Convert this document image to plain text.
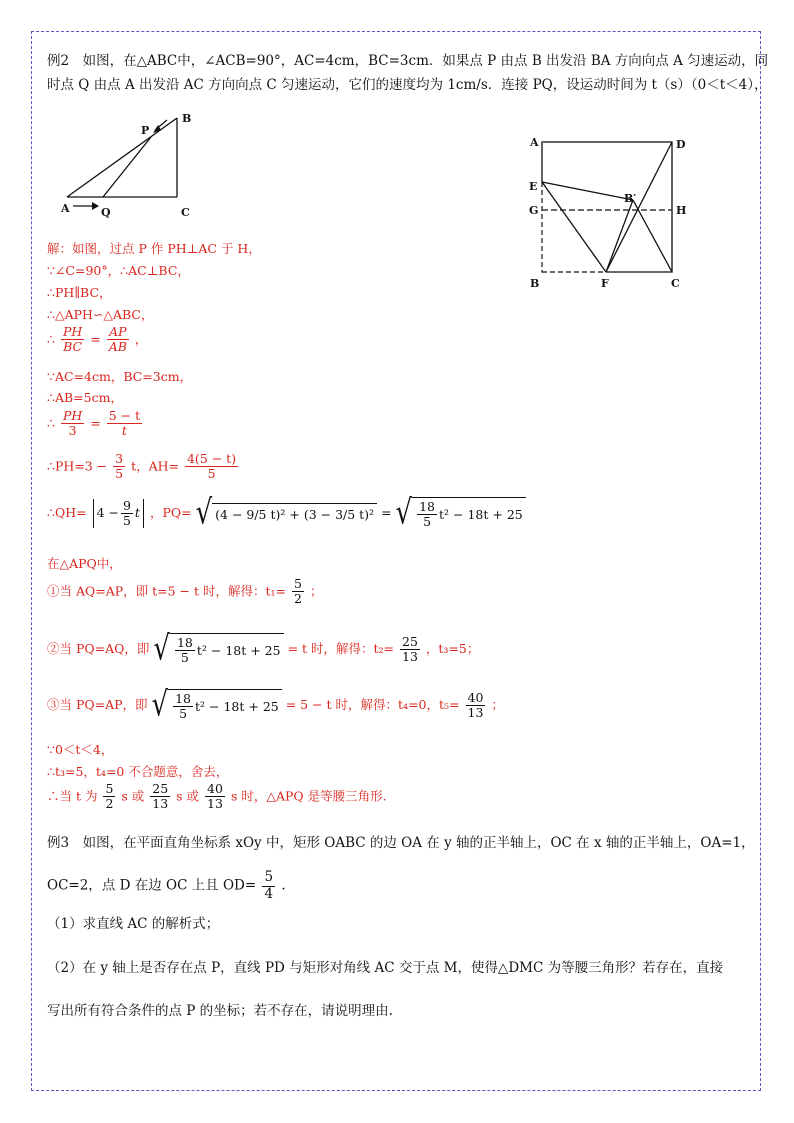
例2　如图，在△ABC中，∠ACB=90°，AC=4cm，BC=3cm．如果点 P 由点 B 出发沿 BA 方向向点 A 匀速运动，同
时点 Q 由点 A 出发沿 AC 方向向点 C 匀速运动，它们的速度均为 1cm/s．连接 PQ，设运动时间为 t（s）（0＜t＜4），
P
B
A	Q	C
A	D
E
B′
G	H
B	F	C
解：如图，过点 P 作 PH⊥AC 于 H，
∵∠C=90°，∴AC⊥BC，
∴PH∥BC，
∴△APH∽△ABC，
∴ $\frac{PH}{BC} = \frac{AP}{AB}$ ，
∵AC=4cm，BC=3cm，
∴AB=5cm，
∴ $\frac{PH}{3} = \frac{5 - t}{t}$
∴PH=3 − $\frac{3}{5}$ t，$AH= \frac{4(5 - t)}{5}$
∴QH= $4 - \frac{9}{5}$ t ，PQ= √ (4 − 9/5 t)² + (3 − 3/5 t)² = √ $\frac{18}{5} t^2 - 18t + 25$
在△APQ中，
①当 AQ=AP，即 t=5 − t 时，解得：$t_1= \frac{5}{2}$ ；
②当 PQ=AQ，即 √ $\frac{18}{5} t^2 - 18t + 25 = t$ 时，解得：$t_2= \frac{25}{13}$ ，t₃=5；
③当 PQ=AP，即 √ $\frac{18}{5} t^2 - 18t + 25 = 5 - t$ 时，解得：t₄=0，$t_5= \frac{40}{13}$ ；
∵0＜t＜4，
∴t₃=5，t₄=0 不合题意，舍去，
∴当 t 为 $\frac{5}{2}$ s 或 $\frac{25}{13}$ s 或 $\frac{40}{13}$ s 时，△APQ 是等腰三角形.
例3　如图，在平面直角坐标系 xOy 中，矩形 OABC 的边 OA 在 y 轴的正半轴上，OC 在 x 轴的正半轴上，OA=1，
OC=2，点 D 在边 OC 上且 $OD= \frac{5}{4}$ .
（1）求直线 AC 的解析式；
（2）在 y 轴上是否存在点 P，直线 PD 与矩形对角线 AC 交于点 M，使得△DMC 为等腰三角形？若存在，直接
写出所有符合条件的点 P 的坐标；若不存在，请说明理由.
